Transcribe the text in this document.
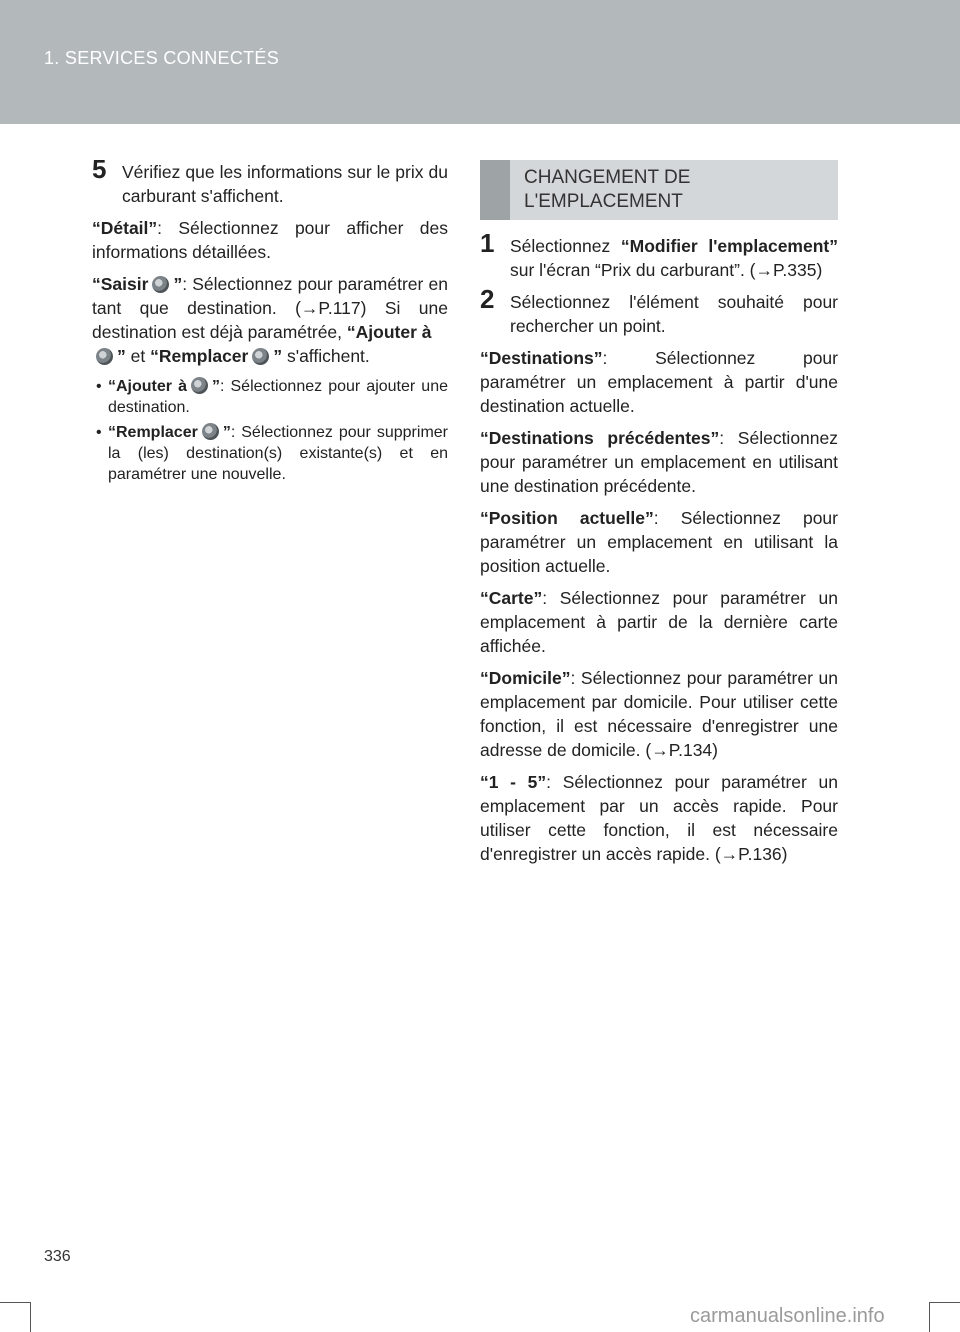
1. SERVICES CONNECTÉS
5 Vérifiez que les informations sur le prix du carburant s'affichent.

“Détail”: Sélectionnez pour afficher des informations détaillées.

“Saisir ”: Sélectionnez pour paramétrer en tant que destination. (→P.117) Si une destination est déjà paramétrée, “Ajouter à
” et “Remplacer ” s'affichent.

• “Ajouter à ”: Sélectionnez pour ajouter une destination.
• “Remplacer ”: Sélectionnez pour supprimer la (les) destination(s) existante(s) et en paramétrer une nouvelle.
CHANGEMENT DE
L'EMPLACEMENT
1 Sélectionnez “Modifier l'emplacement” sur l'écran “Prix du carburant”. (→P.335)
2 Sélectionnez l'élément souhaité pour rechercher un point.

“Destinations”: Sélectionnez pour paramétrer un emplacement à partir d'une destination actuelle.

“Destinations précédentes”: Sélectionnez pour paramétrer un emplacement en utilisant une destination précédente.

“Position actuelle”: Sélectionnez pour paramétrer un emplacement en utilisant la position actuelle.

“Carte”: Sélectionnez pour paramétrer un emplacement à partir de la dernière carte affichée.

“Domicile”: Sélectionnez pour paramétrer un emplacement par domicile. Pour utiliser cette fonction, il est nécessaire d'enregistrer une adresse de domicile. (→P.134)

“1 - 5”: Sélectionnez pour paramétrer un emplacement par un accès rapide. Pour utiliser cette fonction, il est nécessaire d'enregistrer un accès rapide. (→P.136)

336
carmanualsonline.info
